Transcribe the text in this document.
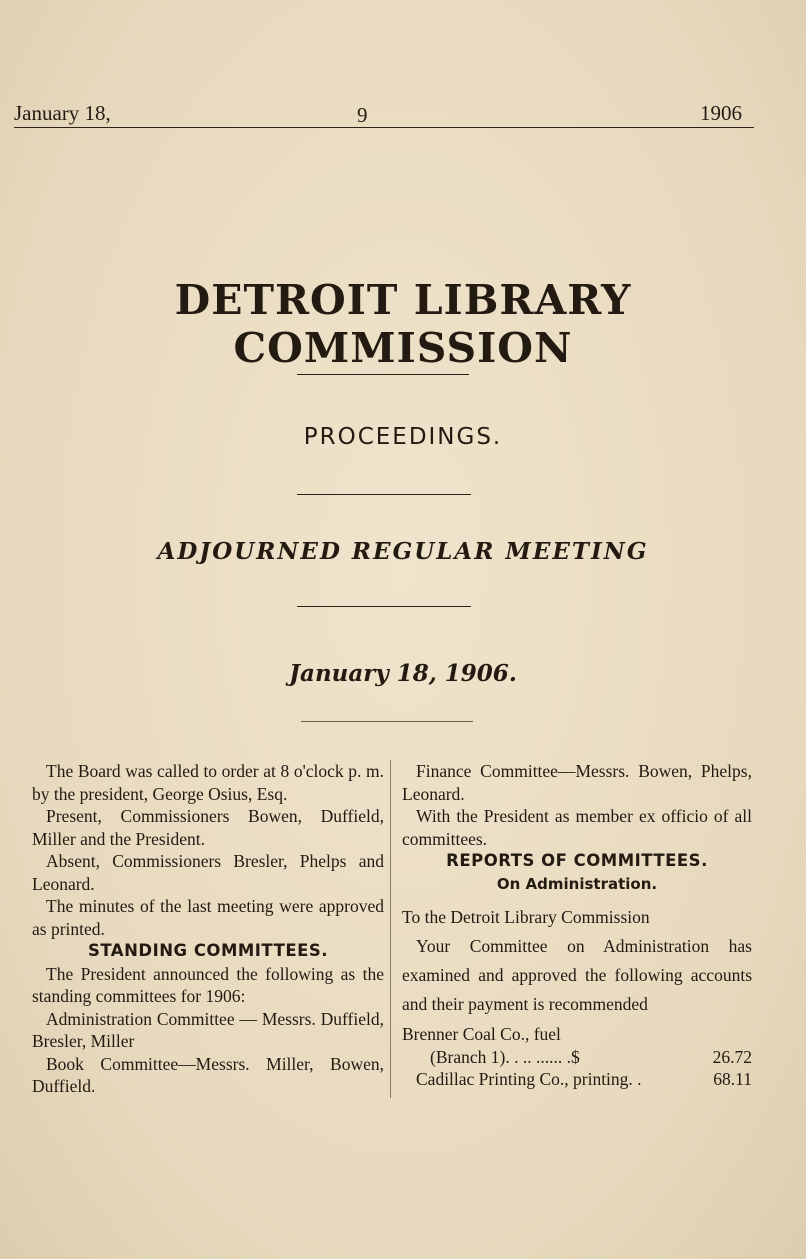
January 18,	9	1906
DETROIT LIBRARY COMMISSION
PROCEEDINGS.
ADJOURNED REGULAR MEETING
January 18, 1906.

The Board was called to order at 8 o'clock p. m. by the president, George Osius, Esq.

Present, Commissioners Bowen, Duffield, Miller and the President.

Absent, Commissioners Bresler, Phelps and Leonard.

The minutes of the last meeting were approved as printed.

STANDING COMMITTEES.

The President announced the following as the standing committees for 1906:

Administration Committee — Messrs. Duffield, Bresler, Miller

Book Committee—Messrs. Miller, Bowen, Duffield.

Finance Committee—Messrs. Bowen, Phelps, Leonard.

With the President as member ex officio of all committees.

REPORTS OF COMMITTEES.

On Administration.

To the Detroit Library Commission

Your Committee on Administration has examined and approved the following accounts and their payment is recommended

Brenner Coal Co., fuel

(Branch 1). . .. ...... .$	26.72

Cadillac Printing Co., printing. .	68.11
